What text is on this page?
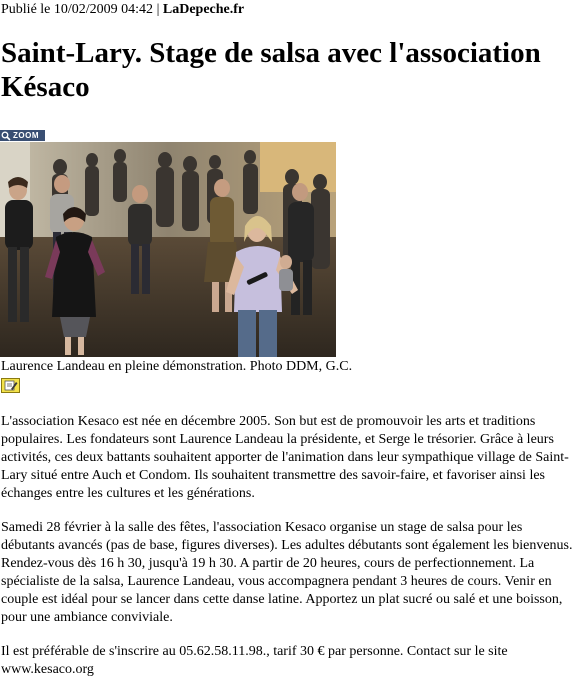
Publié le 10/02/2009 04:42 | LaDepeche.fr
Saint-Lary. Stage de salsa avec l'association Késaco
ZOOM
Laurence Landeau en pleine démonstration. Photo DDM, G.C.

L'association Kesaco est née en décembre 2005. Son but est de promouvoir les arts et traditions populaires. Les fondateurs sont Laurence Landeau la présidente, et Serge le trésorier. Grâce à leurs activités, ces deux battants souhaitent apporter de l'animation dans leur sympathique village de Saint-Lary situé entre Auch et Condom. Ils souhaitent transmettre des savoir-faire, et favoriser ainsi les échanges entre les cultures et les générations.

Samedi 28 février à la salle des fêtes, l'association Kesaco organise un stage de salsa pour les débutants avancés (pas de base, figures diverses). Les adultes débutants sont également les bienvenus. Rendez-vous dès 16 h 30, jusqu'à 19 h 30. A partir de 20 heures, cours de perfectionnement. La spécialiste de la salsa, Laurence Landeau, vous accompagnera pendant 3 heures de cours. Venir en couple est idéal pour se lancer dans cette danse latine. Apportez un plat sucré ou salé et une boisson, pour une ambiance conviviale.

Il est préférable de s'inscrire au 05.62.58.11.98., tarif 30 € par personne. Contact sur le site www.kesaco.org
